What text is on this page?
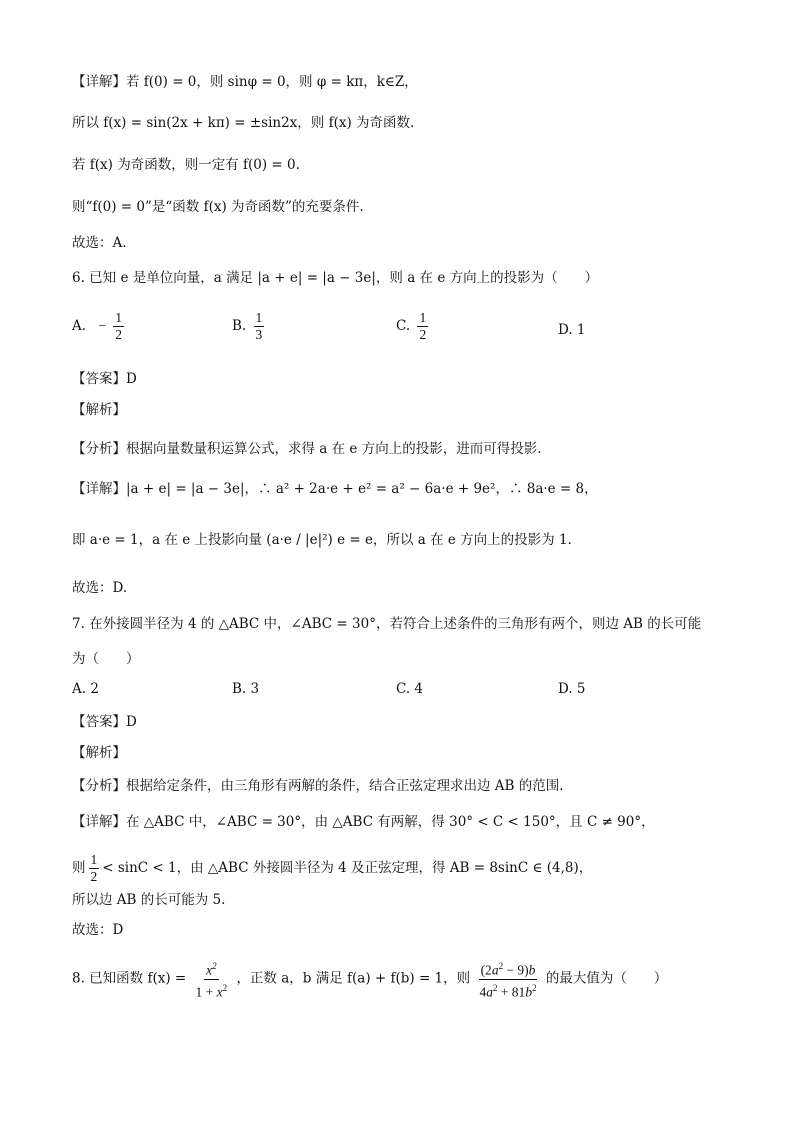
【详解】若 f(0) = 0，则 sinφ = 0，则 φ = kπ，k∈Z，
所以 f(x) = sin(2x + kπ) = ±sin2x，则 f(x) 为奇函数.
若 f(x) 为奇函数，则一定有 f(0) = 0.
则“f(0) = 0”是“函数 f(x) 为奇函数”的充要条件.
故选：A.
6. 已知 e 是单位向量，a 满足 |a + e| = |a − 3e|，则 a 在 e 方向上的投影为（　　）
A. − $\frac{1}{2}$	B. $\frac{1}{3}$	C. $\frac{1}{2}$	D. 1
【答案】D
【解析】
【分析】根据向量数量积运算公式，求得 a 在 e 方向上的投影，进而可得投影.
【详解】|a + e| = |a − 3e|，∴ a² + 2a·e + e² = a² − 6a·e + 9e²，∴ 8a·e = 8，
即 a·e = 1，a 在 e 上投影向量 (a·e / |e|²) e = e，所以 a 在 e 方向上的投影为 1.
故选：D.
7. 在外接圆半径为 4 的 △ABC 中，∠ABC = 30°，若符合上述条件的三角形有两个，则边 AB 的长可能
为（　　）
A. 2	B. 3	C. 4	D. 5
【答案】D
【解析】
【分析】根据给定条件，由三角形有两解的条件，结合正弦定理求出边 AB 的范围.
【详解】在 △ABC 中，∠ABC = 30°，由 △ABC 有两解，得 30° < C < 150°，且 C ≠ 90°，
则 $\frac{1}{2} < \sin C < 1$，由 △ABC 外接圆半径为 4 及正弦定理，得 AB = 8sinC ∈ (4,8)，
所以边 AB 的长可能为 5.
故选：D
8. 已知函数 $f(x) = \frac{x^2}{1 + x^2}$ ，正数 a，b 满足 f(a) + f(b) = 1，则 $\frac{(2a^2 - 9)b}{4a^2 + 81b^2}$ 的最大值为（　　）
